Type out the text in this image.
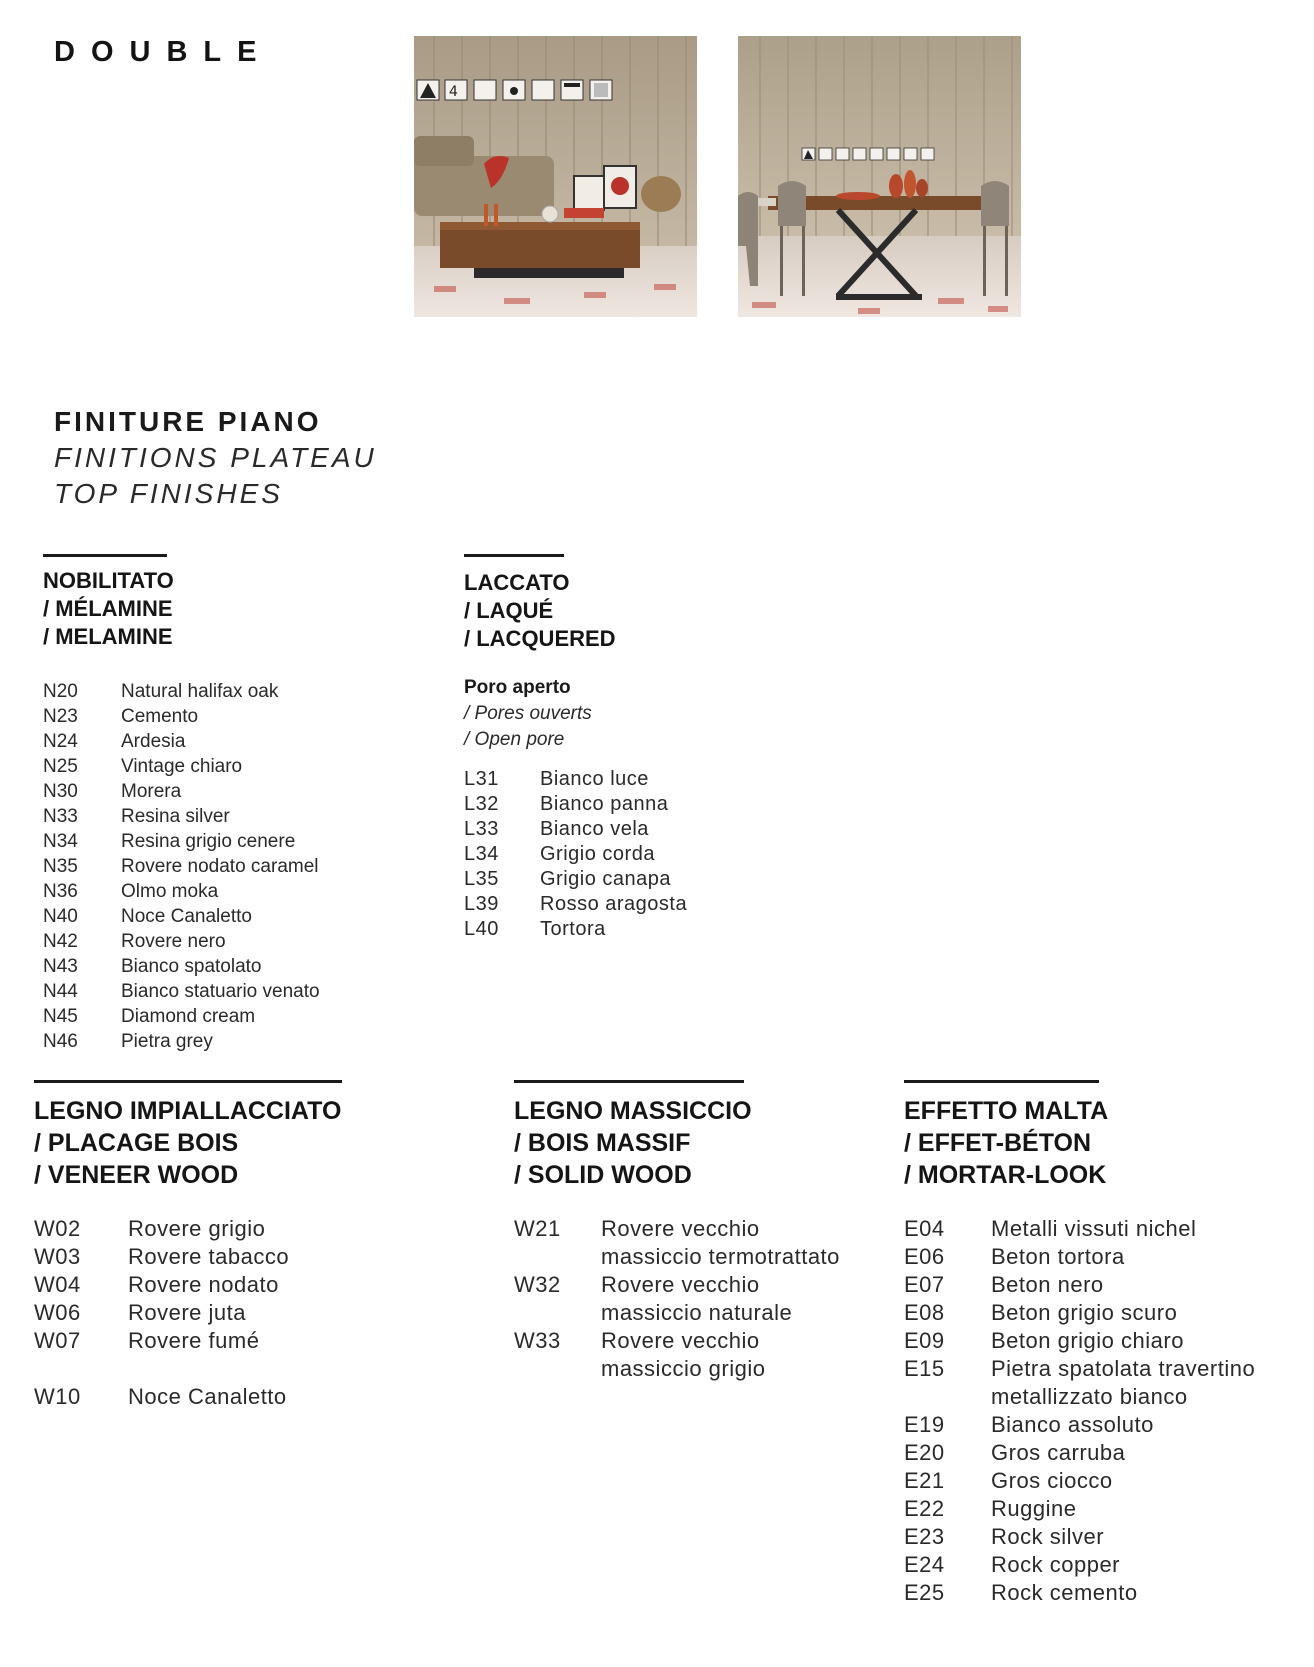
DOUBLE
4
FINITURE PIANO
FINITIONS PLATEAU
TOP FINISHES
NOBILITATO
/ MÉLAMINE
/ MELAMINE
N20	Natural halifax oak
N23	Cemento
N24	Ardesia
N25	Vintage chiaro
N30	Morera
N33	Resina silver
N34	Resina grigio cenere
N35	Rovere nodato caramel
N36	Olmo moka
N40	Noce Canaletto
N42	Rovere nero
N43	Bianco spatolato
N44	Bianco statuario venato
N45	Diamond cream
N46	Pietra grey
LACCATO
/ LAQUÉ
/ LACQUERED
Poro aperto
/ Pores ouverts
/ Open pore
L31	Bianco luce
L32	Bianco panna
L33	Bianco vela
L34	Grigio corda
L35	Grigio canapa
L39	Rosso aragosta
L40	Tortora
LEGNO IMPIALLACCIATO
/ PLACAGE BOIS
/ VENEER WOOD
W02	Rovere grigio
W03	Rovere tabacco
W04	Rovere nodato
W06	Rovere juta
W07	Rovere fumé
W10	Noce Canaletto
LEGNO MASSICCIO
/ BOIS MASSIF
/ SOLID WOOD
W21	Rovere vecchio
massiccio termotrattato
W32	Rovere vecchio
massiccio naturale
W33	Rovere vecchio
massiccio grigio
EFFETTO MALTA
/ EFFET-BÉTON
/ MORTAR-LOOK
E04	Metalli vissuti nichel
E06	Beton tortora
E07	Beton nero
E08	Beton grigio scuro
E09	Beton grigio chiaro
E15	Pietra spatolata travertino
metallizzato bianco
E19	Bianco assoluto
E20	Gros carruba
E21	Gros ciocco
E22	Ruggine
E23	Rock silver
E24	Rock copper
E25	Rock cemento
